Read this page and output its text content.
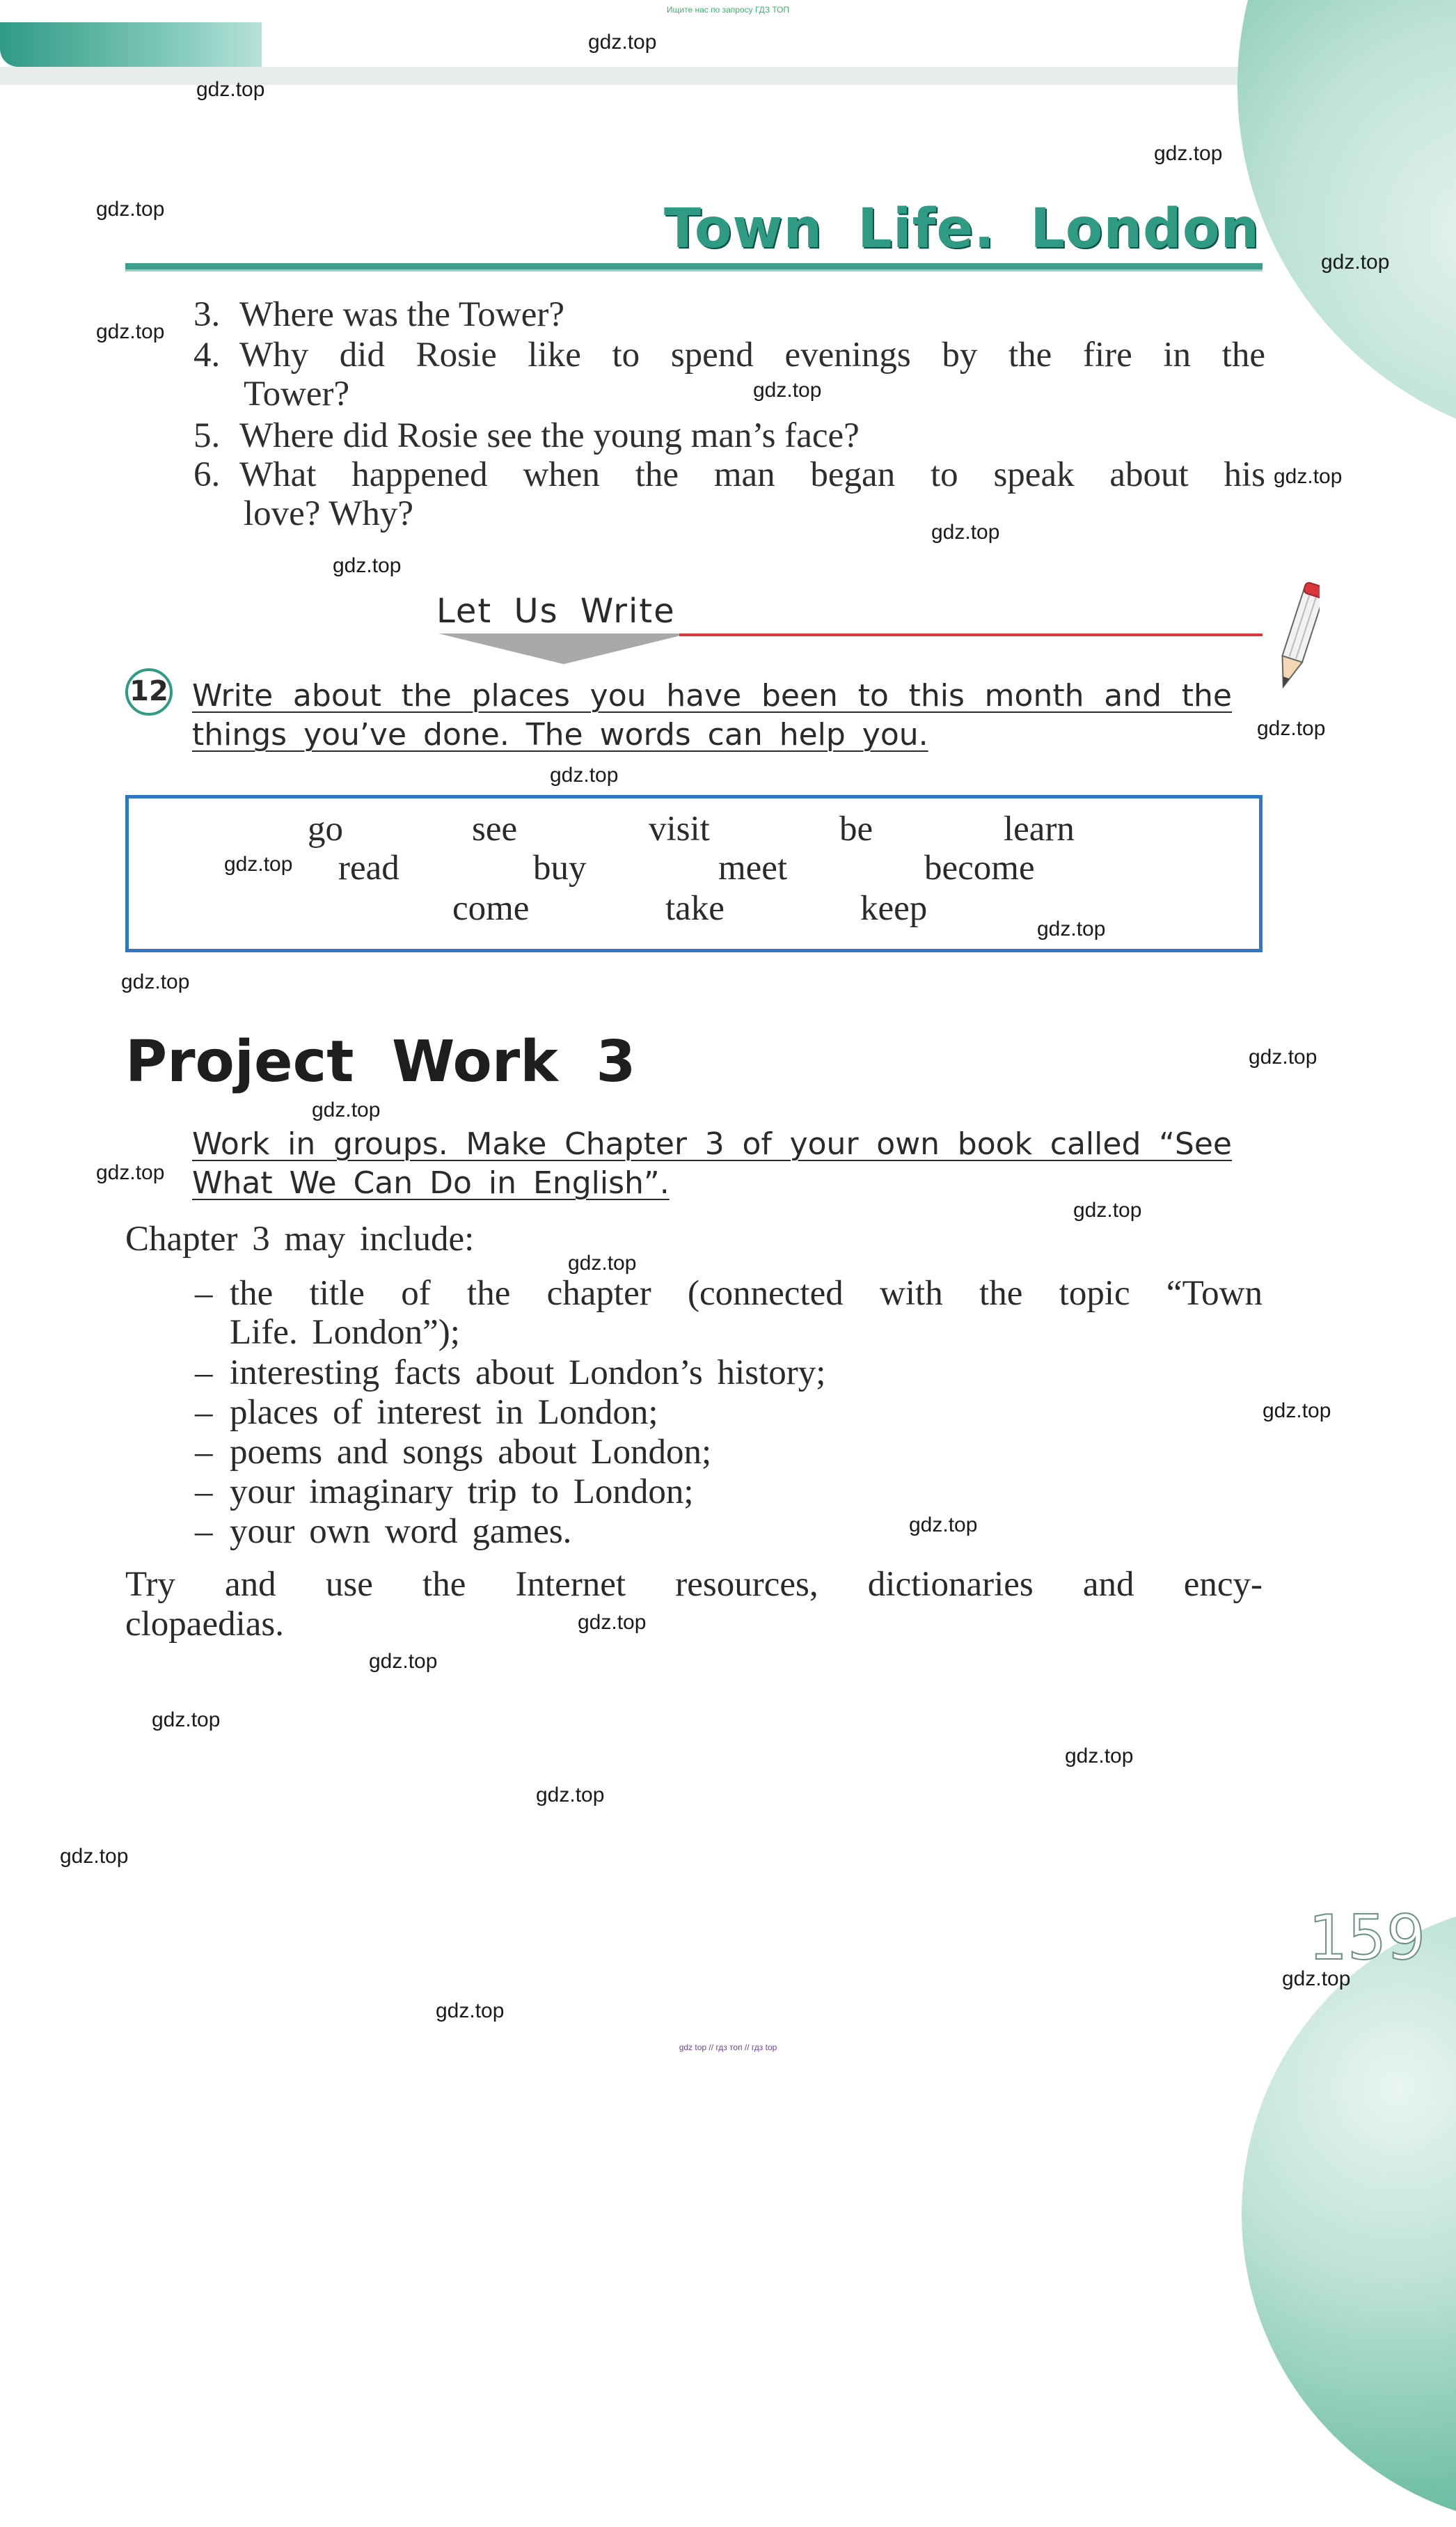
Ищите нас по запросу ГДЗ ТОП
Town Life. London
3. Where was the Tower?
4. Why did Rosie like to spend evenings by the fire in the
Tower?
5. Where did Rosie see the young man’s face?
6. What happened when the man began to speak about his
love? Why?
Let Us Write
12 Write about the places you have been to this month and the
things you’ve done. The words can help you.
go	see	visit	be	learn
read	buy	meet	become
come	take	keep
Project Work 3
Work in groups. Make Chapter 3 of your own book called “See
What We Can Do in English”.
Chapter 3 may include:
– the title of the chapter (connected with the topic “Town
Life. London”);
– interesting facts about London’s history;
– places of interest in London;
– poems and songs about London;
– your imaginary trip to London;
– your own word games.
Try and use the Internet resources, dictionaries and ency-
clopaedias.
159
gdz.top
gdz.top
gdz.top
gdz.top
gdz.top
gdz.top
gdz.top
gdz.top
gdz.top
gdz.top
gdz.top
gdz.top
gdz.top
gdz.top
gdz.top
gdz.top
gdz.top
gdz.top
gdz.top
gdz.top
gdz.top
gdz.top
gdz.top
gdz.top
gdz.top
gdz.top
gdz.top
gdz.top
gdz.top
gdz.top
gdz top // гдз топ // гдз top
